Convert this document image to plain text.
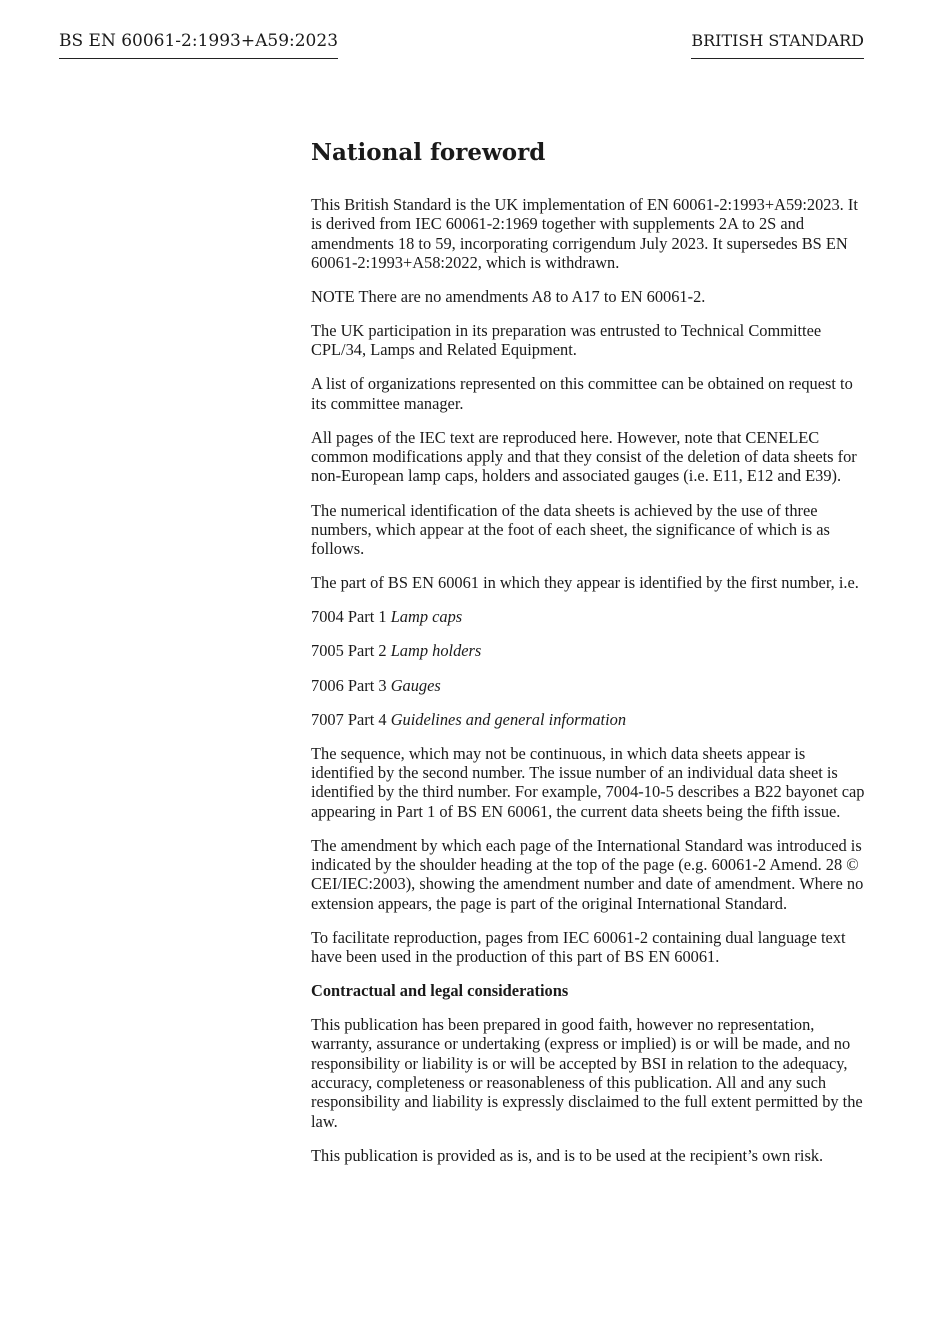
BS EN 60061-2:1993+A59:2023	BRITISH STANDARD
National foreword

This British Standard is the UK implementation of EN 60061-2:1993+A59:2023. It is derived from IEC 60061-2:1969 together with supplements 2A to 2S and amendments 18 to 59, incorporating corrigendum July 2023. It supersedes BS EN 60061-2:1993+A58:2022, which is withdrawn.

NOTE There are no amendments A8 to A17 to EN 60061-2.

The UK participation in its preparation was entrusted to Technical Committee CPL/34, Lamps and Related Equipment.

A list of organizations represented on this committee can be obtained on request to its committee manager.

All pages of the IEC text are reproduced here. However, note that CENELEC common modifications apply and that they consist of the deletion of data sheets for non-European lamp caps, holders and associated gauges (i.e. E11, E12 and E39).

The numerical identification of the data sheets is achieved by the use of three numbers, which appear at the foot of each sheet, the significance of which is as follows.

The part of BS EN 60061 in which they appear is identified by the first number, i.e.

7004 Part 1 Lamp caps

7005 Part 2 Lamp holders

7006 Part 3 Gauges

7007 Part 4 Guidelines and general information

The sequence, which may not be continuous, in which data sheets appear is identified by the second number. The issue number of an individual data sheet is identified by the third number. For example, 7004-10-5 describes a B22 bayonet cap appearing in Part 1 of BS EN 60061, the current data sheets being the fifth issue.

The amendment by which each page of the International Standard was introduced is indicated by the shoulder heading at the top of the page (e.g. 60061-2 Amend. 28 © CEI/IEC:2003), showing the amendment number and date of amendment. Where no extension appears, the page is part of the original International Standard.

To facilitate reproduction, pages from IEC 60061-2 containing dual language text have been used in the production of this part of BS EN 60061.

Contractual and legal considerations

This publication has been prepared in good faith, however no representation, warranty, assurance or undertaking (express or implied) is or will be made, and no responsibility or liability is or will be accepted by BSI in relation to the adequacy, accuracy, completeness or reasonableness of this publication. All and any such responsibility and liability is expressly disclaimed to the full extent permitted by the law.

This publication is provided as is, and is to be used at the recipient’s own risk.
